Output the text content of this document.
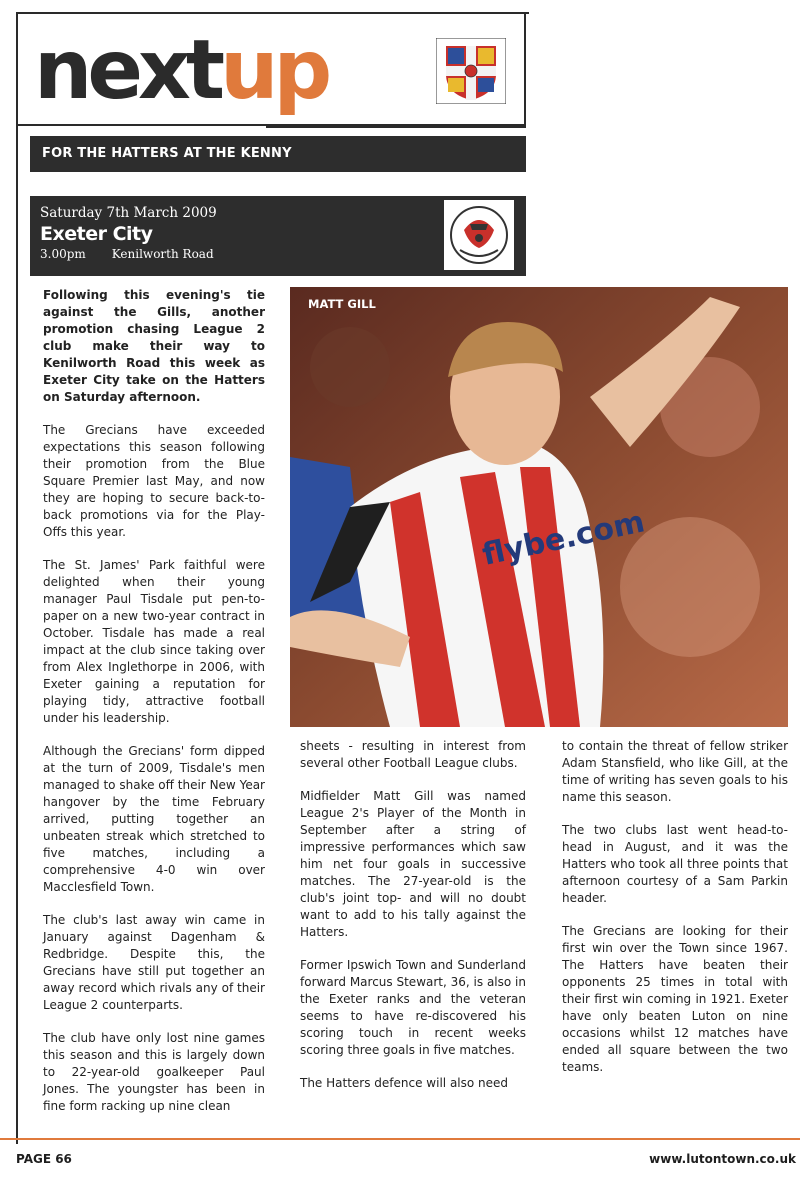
nextup
FOR THE HATTERS AT THE KENNY
Saturday 7th March 2009
Exeter City
3.00pm Kenilworth Road
flybe.com
MATT GILL

Following this evening's tie against the Gills, another promotion chasing League 2 club make their way to Kenilworth Road this week as Exeter City take on the Hatters on Saturday afternoon.

The Grecians have exceeded expectations this season following their promotion from the Blue Square Premier last May, and now they are hoping to secure back-to-back promotions via for the Play-Offs this year.

The St. James' Park faithful were delighted when their young manager Paul Tisdale put pen-to-paper on a new two-year contract in October. Tisdale has made a real impact at the club since taking over from Alex Inglethorpe in 2006, with Exeter gaining a reputation for playing tidy, attractive football under his leadership.

Although the Grecians' form dipped at the turn of 2009, Tisdale's men managed to shake off their New Year hangover by the time February arrived, putting together an unbeaten streak which stretched to five matches, including a comprehensive 4-0 win over Macclesfield Town.

The club's last away win came in January against Dagenham & Redbridge. Despite this, the Grecians have still put together an away record which rivals any of their League 2 counterparts.

The club have only lost nine games this season and this is largely down to 22-year-old goalkeeper Paul Jones. The youngster has been in fine form racking up nine clean

sheets - resulting in interest from several other Football League clubs.

Midfielder Matt Gill was named League 2's Player of the Month in September after a string of impressive performances which saw him net four goals in successive matches. The 27-year-old is the club's joint top- and will no doubt want to add to his tally against the Hatters.

Former Ipswich Town and Sunderland forward Marcus Stewart, 36, is also in the Exeter ranks and the veteran seems to have re-discovered his scoring touch in recent weeks scoring three goals in five matches.

The Hatters defence will also need

to contain the threat of fellow striker Adam Stansfield, who like Gill, at the time of writing has seven goals to his name this season.

The two clubs last went head-to-head in August, and it was the Hatters who took all three points that afternoon courtesy of a Sam Parkin header.

The Grecians are looking for their first win over the Town since 1967. The Hatters have beaten their opponents 25 times in total with their first win coming in 1921. Exeter have only beaten Luton on nine occasions whilst 12 matches have ended all square between the two teams.

PAGE 66	www.lutontown.co.uk
